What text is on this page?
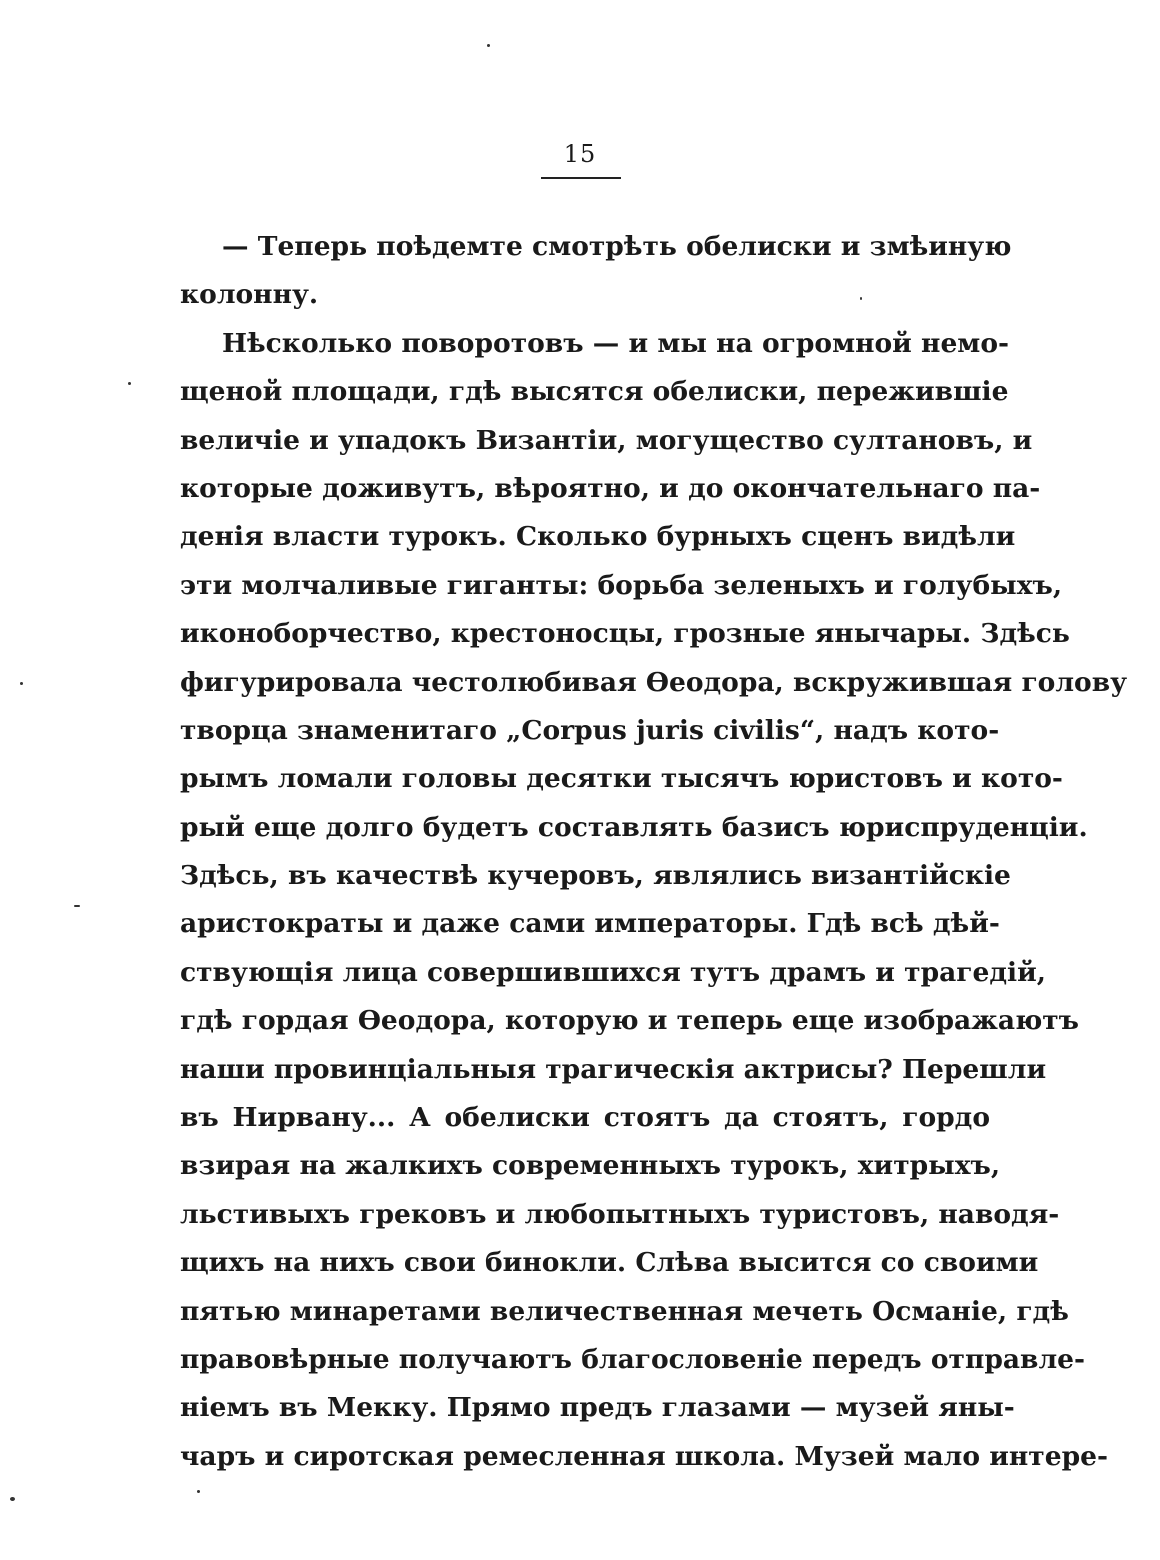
15
— Теперь поѣдемте смотрѣть обелиски и змѣиную
колонну.
Нѣсколько поворотовъ — и мы на огромной немо-
щеной площади, гдѣ высятся обелиски, пережившіе
величіе и упадокъ Византіи, могущество султановъ, и
которые доживутъ, вѣроятно, и до окончательнаго па-
денія власти турокъ. Сколько бурныхъ сценъ видѣли
эти молчаливые гиганты: борьба зеленыхъ и голубыхъ,
иконоборчество, крестоносцы, грозные янычары. Здѣсь
фигурировала честолюбивая Ѳеодора, вскружившая голову
творца знаменитаго „Corpus juris civilis“, надъ кото-
рымъ ломали головы десятки тысячъ юристовъ и кото-
рый еще долго будетъ составлять базисъ юриспруденціи.
Здѣсь, въ качествѣ кучеровъ, являлись византійскіе
аристократы и даже сами императоры. Гдѣ всѣ дѣй-
ствующія лица совершившихся тутъ драмъ и трагедій,
гдѣ гордая Ѳеодора, которую и теперь еще изображаютъ
наши провинціальныя трагическія актрисы? Перешли
въ Нирвану... А обелиски стоятъ да стоятъ, гордо
взирая на жалкихъ современныхъ турокъ, хитрыхъ,
льстивыхъ грековъ и любопытныхъ туристовъ, наводя-
щихъ на нихъ свои бинокли. Слѣва высится со своими
пятью минаретами величественная мечеть Османіе, гдѣ
правовѣрные получаютъ благословеніе передъ отправле-
ніемъ въ Мекку. Прямо предъ глазами — музей яны-
чаръ и сиротская ремесленная школа. Музей мало интере-
